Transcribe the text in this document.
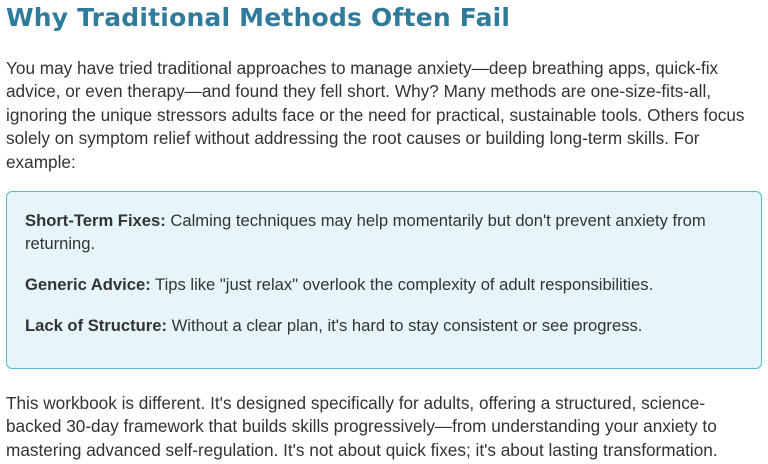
Why Traditional Methods Often Fail

You may have tried traditional approaches to manage anxiety—deep breathing apps, quick-fix advice, or even therapy—and found they fell short. Why? Many methods are one-size-fits-all, ignoring the unique stressors adults face or the need for practical, sustainable tools. Others focus solely on symptom relief without addressing the root causes or building long-term skills. For example:

Short-Term Fixes: Calming techniques may help momentarily but don't prevent anxiety from returning.

Generic Advice: Tips like "just relax" overlook the complexity of adult responsibilities.

Lack of Structure: Without a clear plan, it's hard to stay consistent or see progress.

This workbook is different. It's designed specifically for adults, offering a structured, science-backed 30-day framework that builds skills progressively—from understanding your anxiety to mastering advanced self-regulation. It's not about quick fixes; it's about lasting transformation.
